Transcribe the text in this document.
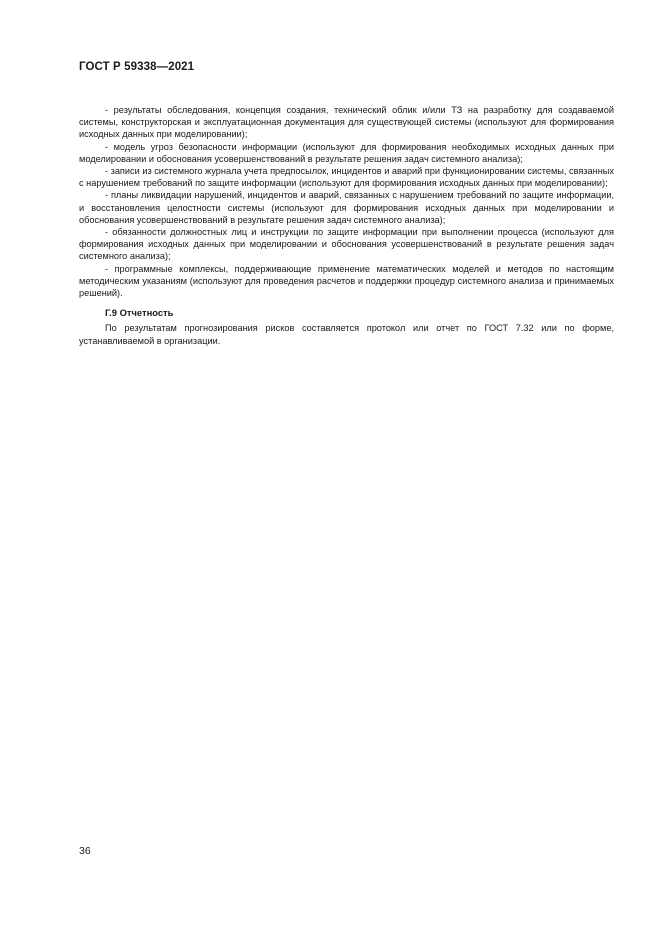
ГОСТ Р 59338—2021

- результаты обследования, концепция создания, технический облик и/или ТЗ на разработку для создаваемой системы, конструкторская и эксплуатационная документация для существующей системы (используют для формирования исходных данных при моделировании);

- модель угроз безопасности информации (используют для формирования необходимых исходных данных при моделировании и обоснования усовершенствований в результате решения задач системного анализа);

- записи из системного журнала учета предпосылок, инцидентов и аварий при функционировании системы, связанных с нарушением требований по защите информации (используют для формирования исходных данных при моделировании);

- планы ликвидации нарушений, инцидентов и аварий, связанных с нарушением требований по защите информации, и восстановления целостности системы (используют для формирования исходных данных при моделировании и обоснования усовершенствований в результате решения задач системного анализа);

- обязанности должностных лиц и инструкции по защите информации при выполнении процесса (используют для формирования исходных данных при моделировании и обоснования усовершенствований в результате решения задач системного анализа);

- программные комплексы, поддерживающие применение математических моделей и методов по настоящим методическим указаниям (используют для проведения расчетов и поддержки процедур системного анализа и принимаемых решений).

Г.9 Отчетность

По результатам прогнозирования рисков составляется протокол или отчет по ГОСТ 7.32 или по форме, устанавливаемой в организации.

36
